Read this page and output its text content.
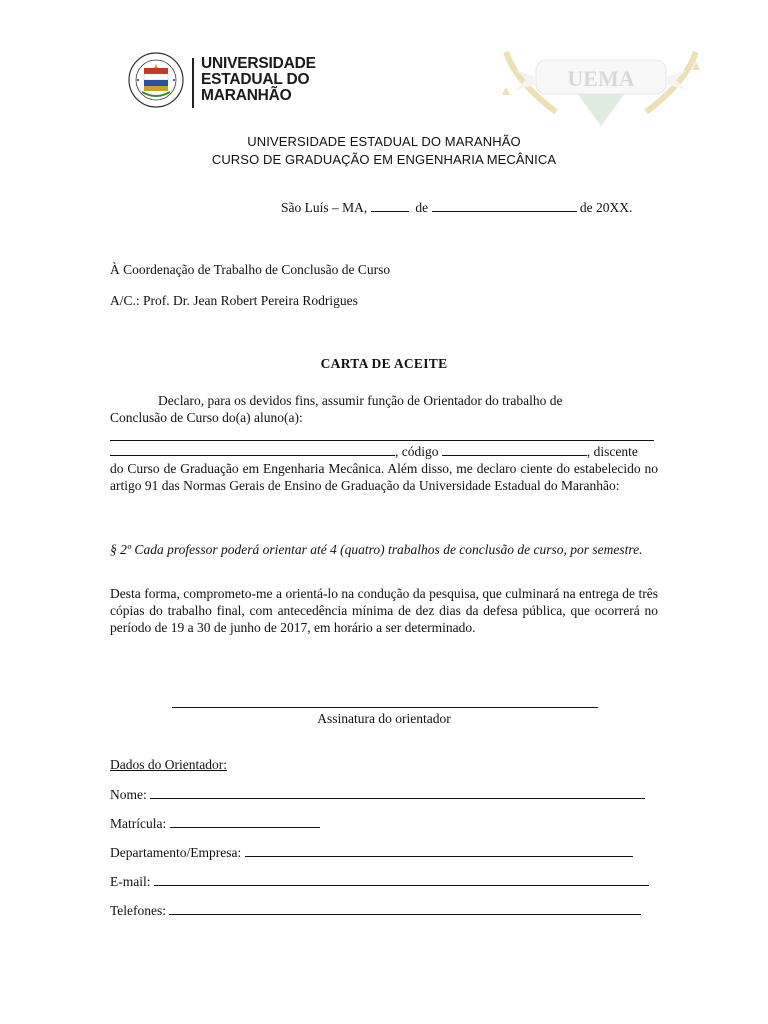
UNIVERSIDADE
ESTADUAL DO
MARANHÃO
UEMA
UNIVERSIDADE ESTADUAL DO MARANHÃO
CURSO DE GRADUAÇÃO EM ENGENHARIA MECÂNICA
São Luís – MA,	de	de 20XX.
À Coordenação de Trabalho de Conclusão de Curso
A/C.: Prof. Dr. Jean Robert Pereira Rodrigues
CARTA DE ACEITE
Declaro, para os devidos fins, assumir função de Orientador do trabalho de
Conclusão de Curso do(a) aluno(a):
, código	, discente
do Curso de Graduação em Engenharia Mecânica. Além disso, me declaro ciente do estabelecido no artigo 91 das Normas Gerais de Ensino de Graduação da Universidade Estadual do Maranhão:
§ 2º Cada professor poderá orientar até 4 (quatro) trabalhos de conclusão de curso, por semestre.
Desta forma, comprometo-me a orientá-lo na condução da pesquisa, que culminará na entrega de três cópias do trabalho final, com antecedência mínima de dez dias da defesa pública, que ocorrerá no período de 19 a 30 de junho de 2017, em horário a ser determinado.
Assinatura do orientador
Dados do Orientador:
Nome:
Matrícula:
Departamento/Empresa:
E-mail:
Telefones:
